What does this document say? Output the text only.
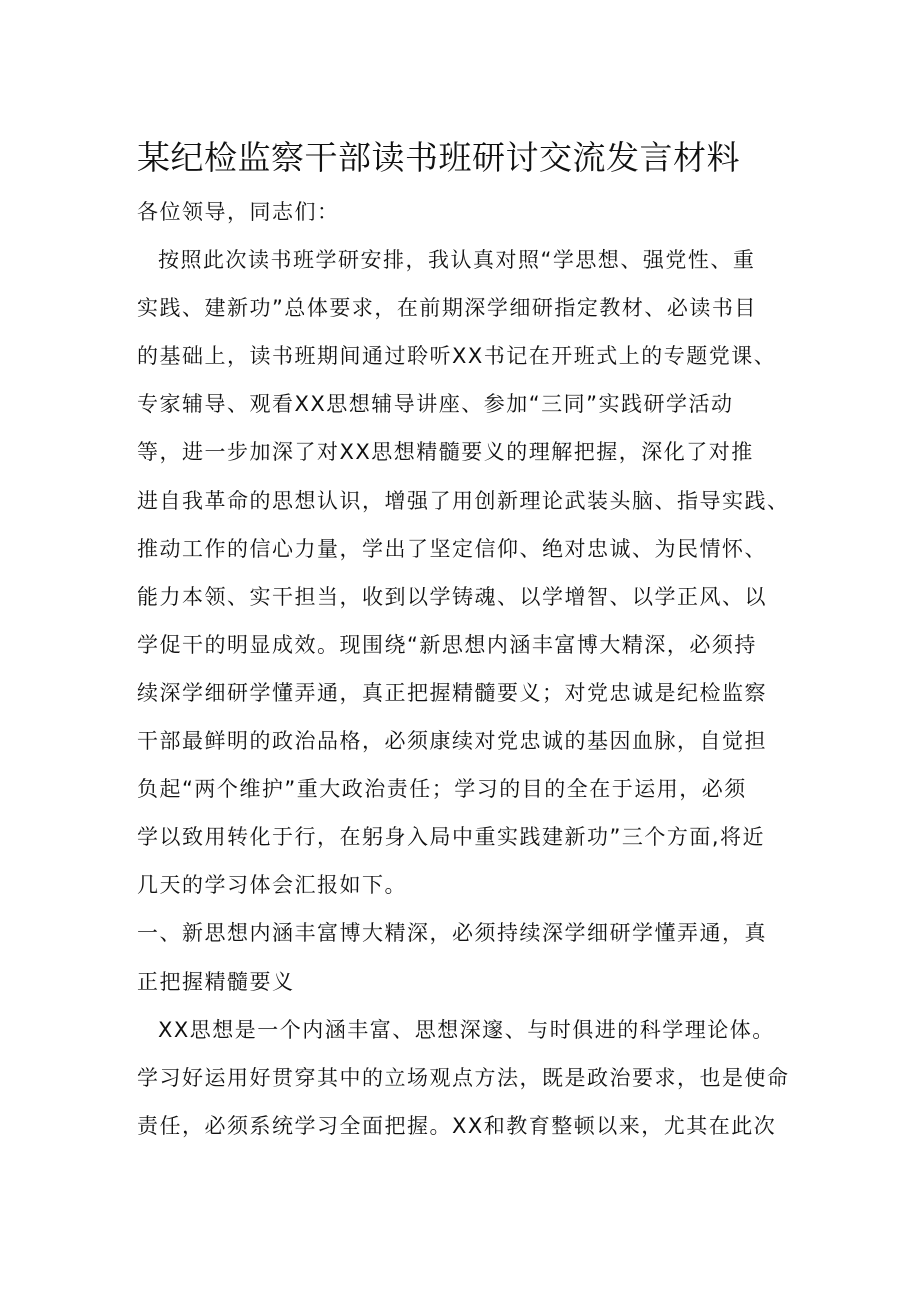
某纪检监察干部读书班研讨交流发言材料
各位领导，同志们：
按照此次读书班学研安排，我认真对照“学思想、强党性、重
实践、建新功”总体要求，在前期深学细研指定教材、必读书目
的基础上，读书班期间通过聆听XX书记在开班式上的专题党课、
专家辅导、观看XX思想辅导讲座、参加“三同”实践研学活动
等，进一步加深了对XX思想精髓要义的理解把握，深化了对推
进自我革命的思想认识，增强了用创新理论武装头脑、指导实践、
推动工作的信心力量，学出了坚定信仰、绝对忠诚、为民情怀、
能力本领、实干担当，收到以学铸魂、以学增智、以学正风、以
学促干的明显成效。现围绕“新思想内涵丰富博大精深，必须持
续深学细研学懂弄通，真正把握精髓要义；对党忠诚是纪检监察
干部最鲜明的政治品格，必须康续对党忠诚的基因血脉，自觉担
负起“两个维护”重大政治责任；学习的目的全在于运用，必须
学以致用转化于行，在躬身入局中重实践建新功”三个方面,将近
几天的学习体会汇报如下。
一、新思想内涵丰富博大精深，必须持续深学细研学懂弄通，真
正把握精髓要义
XX思想是一个内涵丰富、思想深邃、与时俱进的科学理论体。
学习好运用好贯穿其中的立场观点方法，既是政治要求，也是使命
责任，必须系统学习全面把握。XX和教育整顿以来，尤其在此次
